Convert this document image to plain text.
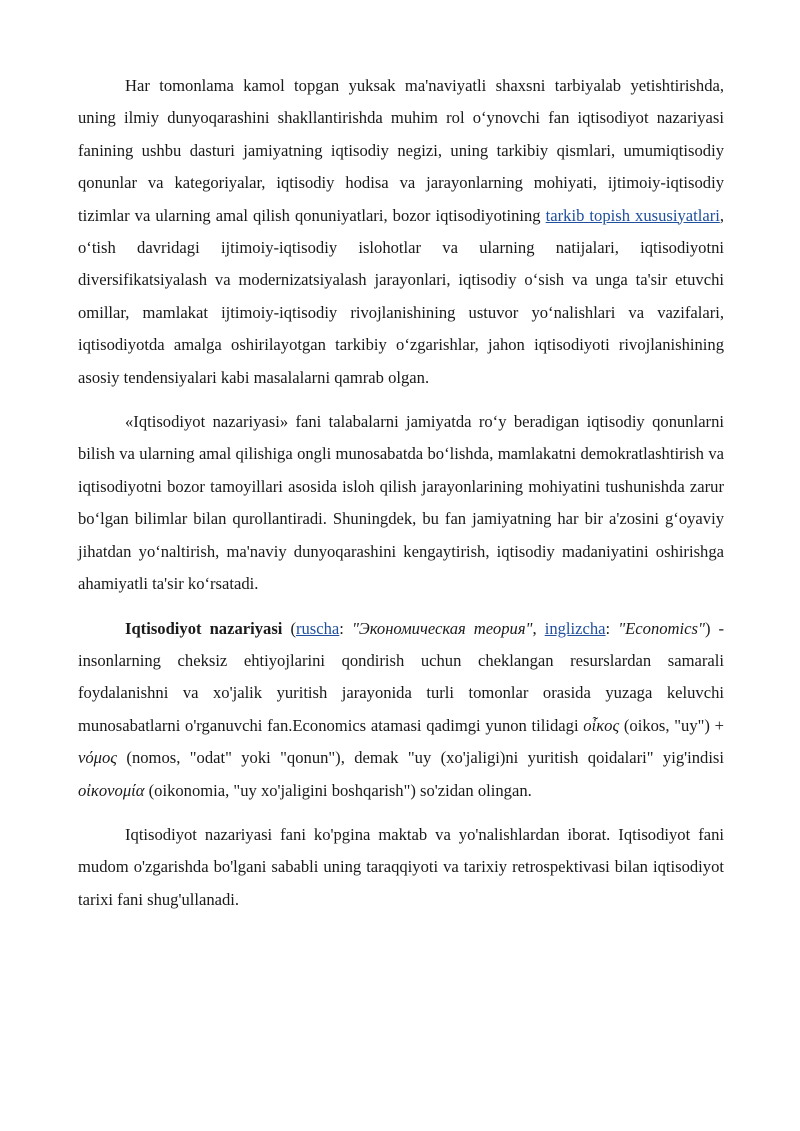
Har tomonlama kamol topgan yuksak ma'naviyatli shaxsni tarbiyalab yetishtirishda, uning ilmiy dunyoqarashini shakllantirishda muhim rol oʻynovchi fan iqtisodiyot nazariyasi fanining ushbu dasturi jamiyatning iqtisodiy negizi, uning tarkibiy qismlari, umumiqtisodiy qonunlar va kategoriyalar, iqtisodiy hodisa va jarayonlarning mohiyati, ijtimoiy-iqtisodiy tizimlar va ularning amal qilish qonuniyatlari, bozor iqtisodiyotining tarkib topish xususiyatlari, oʻtish davridagi ijtimoiy-iqtisodiy islohotlar va ularning natijalari, iqtisodiyotni diversifikatsiyalash va modernizatsiyalash jarayonlari, iqtisodiy oʻsish va unga ta'sir etuvchi omillar, mamlakat ijtimoiy-iqtisodiy rivojlanishining ustuvor yoʻnalishlari va vazifalari, iqtisodiyotda amalga oshirilayotgan tarkibiy oʻzgarishlar, jahon iqtisodiyoti rivojlanishining asosiy tendensiyalari kabi masalalarni qamrab olgan.

«Iqtisodiyot nazariyasi» fani talabalarni jamiyatda roʻy beradigan iqtisodiy qonunlarni bilish va ularning amal qilishiga ongli munosabatda boʻlishda, mamlakatni demokratlashtirish va iqtisodiyotni bozor tamoyillari asosida isloh qilish jarayonlarining mohiyatini tushunishda zarur boʻlgan bilimlar bilan qurollantiradi. Shuningdek, bu fan jamiyatning har bir a'zosini gʻoyaviy jihatdan yoʻnaltirish, ma'naviy dunyoqarashini kengaytirish, iqtisodiy madaniyatini oshirishga ahamiyatli ta'sir koʻrsatadi.

Iqtisodiyot nazariyasi (ruscha: "Экономическая теория", inglizcha: "Economics") - insonlarning cheksiz ehtiyojlarini qondirish uchun cheklangan resurslardan samarali foydalanishni va xo'jalik yuritish jarayonida turli tomonlar orasida yuzaga keluvchi munosabatlarni o'rganuvchi fan.Economics atamasi qadimgi yunon tilidagi οἶκος (oikos, "uy") + νόμος (nomos, "odat" yoki "qonun"), demak "uy (xo'jaligi)ni yuritish qoidalari" yig'indisi οἰκονομία (oikonomia, "uy xo'jaligini boshqarish") so'zidan olingan.

Iqtisodiyot nazariyasi fani ko'pgina maktab va yo'nalishlardan iborat. Iqtisodiyot fani mudom o'zgarishda bo'lgani sababli uning taraqqiyoti va tarixiy retrospektivasi bilan iqtisodiyot tarixi fani shug'ullanadi.
